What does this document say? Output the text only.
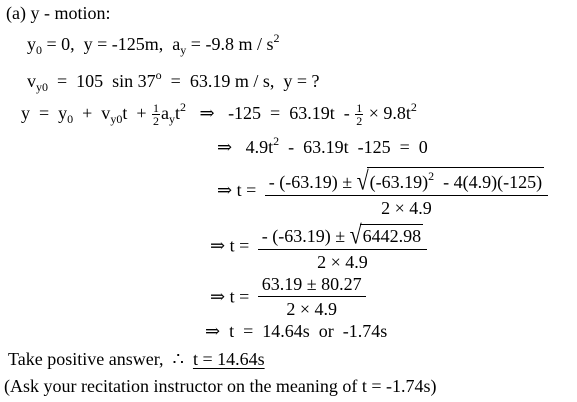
(a) y - motion:
$y_0 = 0$,  y = -125m,  $a_y = -9.8$ m / $s^2$
$v_{y0} = 105$  sin 37$^o$  =  63.19 m / s,  y = ?
$y = y_0 + v_{y0}t + \frac{1}{2} a_yt^2$   ⇒   $-125 = 63.19t - \frac{1}{2} \times 9.8t^2$
⇒   $4.9t^2 - 63.19t$  -125  =  0
⇒ $t = \frac{- (-63.19) \pm √(-63.19)^2 - 4(4.9)(-125)}{2 \times 4.9}$
⇒ $t = \frac{- (-63.19) \pm √6442.98}{2 \times 4.9}$
⇒ $t = \frac{63.19 \pm 80.27}{2 \times 4.9}$
⇒  t  =  14.64s  or  -1.74s
Take positive answer, ∴ t = 14.64s
(Ask your recitation instructor on the meaning of t = -1.74s)
